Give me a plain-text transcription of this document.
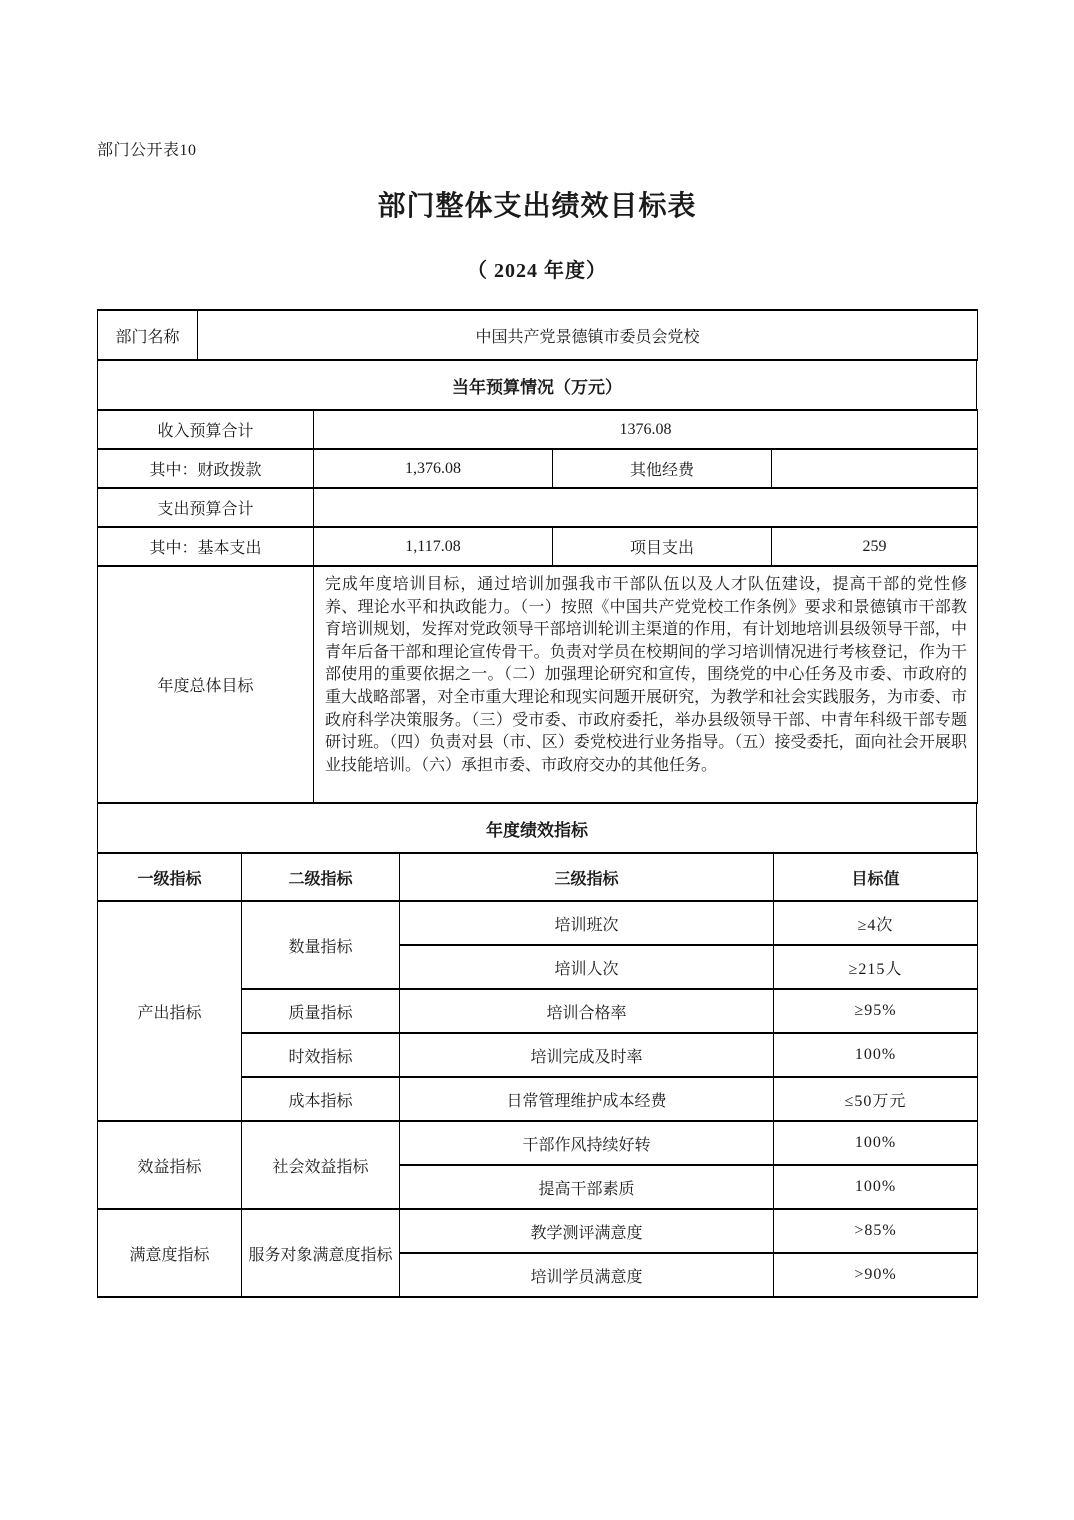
部门公开表10
部门整体支出绩效目标表
（ 2024 年度）
部门名称	中国共产党景德镇市委员会党校
当年预算情况（万元）
收入预算合计	1376.08		
其中：财政拨款	1,376.08	其他经费	
支出预算合计			
其中：基本支出	1,117.08	项目支出	259
年度总体目标	完成年度培训目标，通过培训加强我市干部队伍以及人才队伍建设，提高干部的党性修 养、理论水平和执政能力。（一）按照《中国共产党党校工作条例》要求和景德镇市干部教育培训规划，发挥对党政领导干部培训轮训主渠道的作用，有计划地培训县级领导干部，中青年后备干部和理论宣传骨干。负责对学员在校期间的学习培训情况进行考核登记，作为干部使用的重要依据之一。（二）加强理论研究和宣传，围绕党的中心任务及市委、市政府的重大战略部署，对全市重大理论和现实问题开展研究，为教学和社会实践服务，为市委、市政府科学决策服务。（三）受市委、市政府委托，举办县级领导干部、中青年科级干部专题研讨班。（四）负责对县（市、区）委党校进行业务指导。（五）接受委托，面向社会开展职业技能培训。（六）承担市委、市政府交办的其他任务。
年度绩效指标
一级指标	二级指标	三级指标	目标值
产出指标	数量指标	培训班次	≥4次
		培训人次	≥215人
	质量指标	培训合格率	≥95%
	时效指标	培训完成及时率	100%
	成本指标	日常管理维护成本经费	≤50万元
效益指标	社会效益指标	干部作风持续好转	100%
		提高干部素质	100%
满意度指标	服务对象满意度指标	教学测评满意度	>85%
		培训学员满意度	>90%
